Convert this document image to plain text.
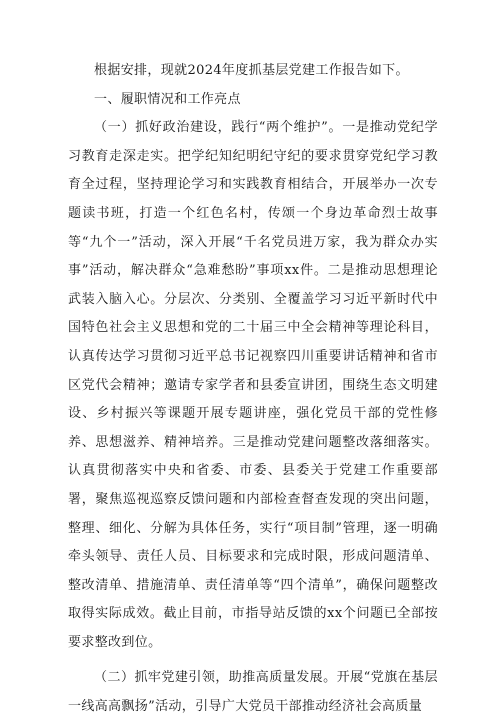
根据安排，现就2024年度抓基层党建工作报告如下。

一、履职情况和工作亮点

（一）抓好政治建设，践行“两个维护”。一是推动党纪学习教育走深走实。把学纪知纪明纪守纪的要求贯穿党纪学习教育全过程，坚持理论学习和实践教育相结合，开展举办一次专题读书班，打造一个红色名村，传颂一个身边革命烈士故事等“九个一”活动，深入开展“千名党员进万家，我为群众办实事”活动，解决群众“急难愁盼”事项xx件。二是推动思想理论武装入脑入心。分层次、分类别、全覆盖学习习近平新时代中国特色社会主义思想和党的二十届三中全会精神等理论科目，认真传达学习贯彻习近平总书记视察四川重要讲话精神和省市区党代会精神；邀请专家学者和县委宣讲团，围绕生态文明建设、乡村振兴等课题开展专题讲座，强化党员干部的党性修养、思想滋养、精神培养。三是推动党建问题整改落细落实。认真贯彻落实中央和省委、市委、县委关于党建工作重要部署，聚焦巡视巡察反馈问题和内部检查督查发现的突出问题，整理、细化、分解为具体任务，实行“项目制”管理，逐一明确牵头领导、责任人员、目标要求和完成时限，形成问题清单、整改清单、措施清单、责任清单等“四个清单”，确保问题整改取得实际成效。截止目前，市指导站反馈的xx个问题已全部按要求整改到位。

（二）抓牢党建引领，助推高质量发展。开展“党旗在基层一线高高飘扬”活动，引导广大党员干部推动经济社会高质量
